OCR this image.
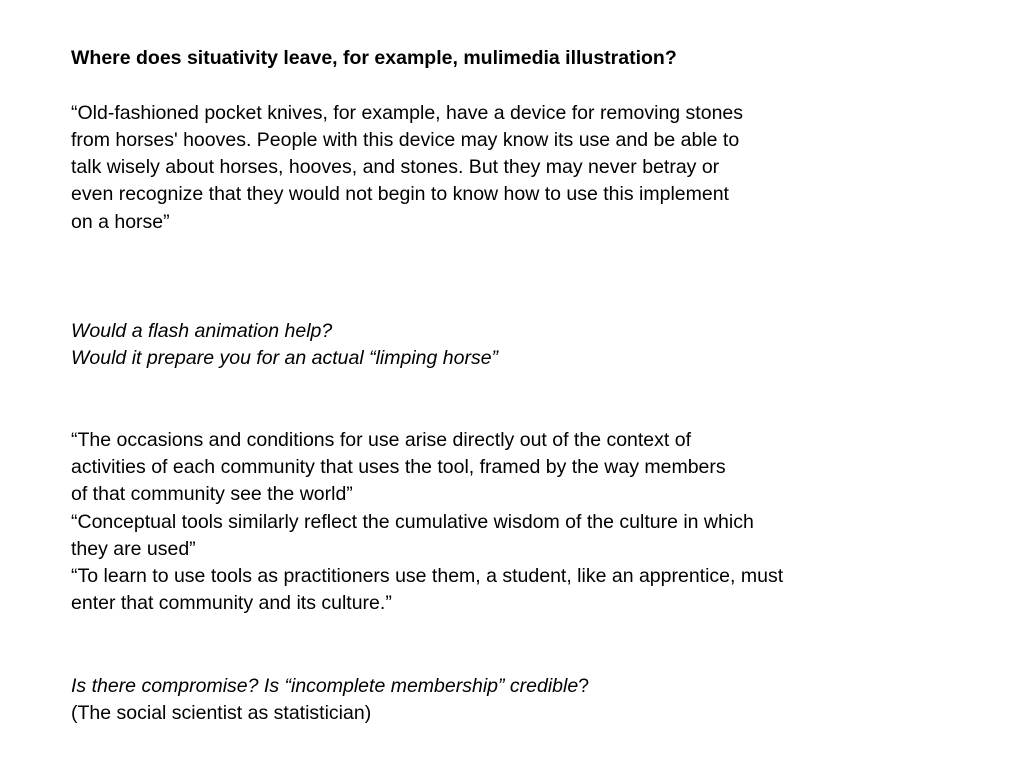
Where does situativity leave, for example, mulimedia illustration?

“Old-fashioned pocket knives, for example, have a device for removing stones

from horses' hooves. People with this device may know its use and be able to

talk wisely about horses, hooves, and stones. But they may never betray or

even recognize that they would not begin to know how to use this implement

on a horse”

Would a flash animation help?

Would it prepare you for an actual “limping horse”

“The occasions and conditions for use arise directly out of the context of

activities of each community that uses the tool, framed by the way members

of that community see the world”

“Conceptual tools similarly reflect the cumulative wisdom of the culture in which

they are used”

“To learn to use tools as practitioners use them, a student, like an apprentice, must

enter that community and its culture.”

Is there compromise? Is “incomplete membership” credible?

(The social scientist as statistician)
